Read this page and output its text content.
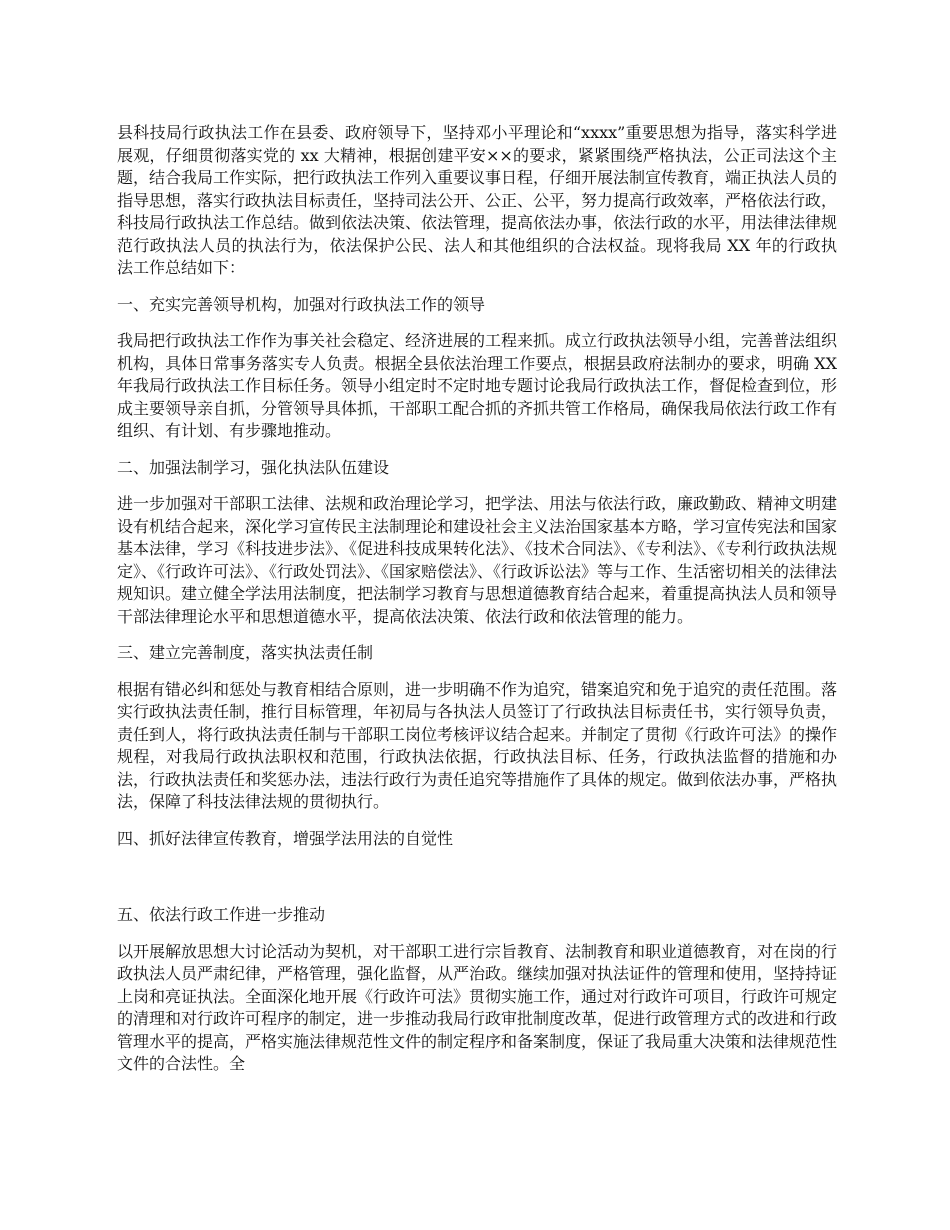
县科技局行政执法工作在县委、政府领导下，坚持邓小平理论和“xxxx”重要思想为指导，落实科学进展观，仔细贯彻落实党的 xx 大精神，根据创建平安××的要求，紧紧围绕严格执法，公正司法这个主题，结合我局工作实际，把行政执法工作列入重要议事日程，仔细开展法制宣传教育，端正执法人员的指导思想，落实行政执法目标责任，坚持司法公开、公正、公平，努力提高行政效率，严格依法行政，科技局行政执法工作总结。做到依法决策、依法管理，提高依法办事，依法行政的水平，用法律法律规范行政执法人员的执法行为，依法保护公民、法人和其他组织的合法权益。现将我局 XX 年的行政执法工作总结如下：

一、充实完善领导机构，加强对行政执法工作的领导

我局把行政执法工作作为事关社会稳定、经济进展的工程来抓。成立行政执法领导小组，完善普法组织机构，具体日常事务落实专人负责。根据全县依法治理工作要点，根据县政府法制办的要求，明确 XX 年我局行政执法工作目标任务。领导小组定时不定时地专题讨论我局行政执法工作，督促检查到位，形成主要领导亲自抓，分管领导具体抓，干部职工配合抓的齐抓共管工作格局，确保我局依法行政工作有组织、有计划、有步骤地推动。

二、加强法制学习，强化执法队伍建设

进一步加强对干部职工法律、法规和政治理论学习，把学法、用法与依法行政，廉政勤政、精神文明建设有机结合起来，深化学习宣传民主法制理论和建设社会主义法治国家基本方略，学习宣传宪法和国家基本法律，学习《科技进步法》、《促进科技成果转化法》、《技术合同法》、《专利法》、《专利行政执法规定》、《行政许可法》、《行政处罚法》、《国家赔偿法》、《行政诉讼法》等与工作、生活密切相关的法律法规知识。建立健全学法用法制度，把法制学习教育与思想道德教育结合起来，着重提高执法人员和领导干部法律理论水平和思想道德水平，提高依法决策、依法行政和依法管理的能力。

三、建立完善制度，落实执法责任制

根据有错必纠和惩处与教育相结合原则，进一步明确不作为追究，错案追究和免于追究的责任范围。落实行政执法责任制，推行目标管理，年初局与各执法人员签订了行政执法目标责任书，实行领导负责，责任到人，将行政执法责任制与干部职工岗位考核评议结合起来。并制定了贯彻《行政许可法》的操作规程，对我局行政执法职权和范围，行政执法依据，行政执法目标、任务，行政执法监督的措施和办法，行政执法责任和奖惩办法，违法行政行为责任追究等措施作了具体的规定。做到依法办事，严格执法，保障了科技法律法规的贯彻执行。

四、抓好法律宣传教育，增强学法用法的自觉性

五、依法行政工作进一步推动

以开展解放思想大讨论活动为契机，对干部职工进行宗旨教育、法制教育和职业道德教育，对在岗的行政执法人员严肃纪律，严格管理，强化监督，从严治政。继续加强对执法证件的管理和使用，坚持持证上岗和亮证执法。全面深化地开展《行政许可法》贯彻实施工作，通过对行政许可项目，行政许可规定的清理和对行政许可程序的制定，进一步推动我局行政审批制度改革，促进行政管理方式的改进和行政管理水平的提高，严格实施法律规范性文件的制定程序和备案制度，保证了我局重大决策和法律规范性文件的合法性。全
